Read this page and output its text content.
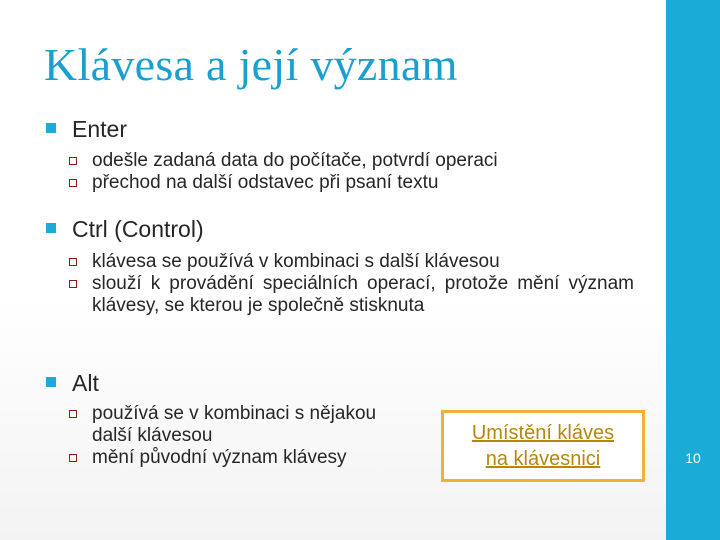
Klávesa a její význam
Enter
odešle zadaná data do počítače, potvrdí operaci
přechod na další odstavec při psaní textu
Ctrl (Control)
klávesa se používá v kombinaci s další klávesou
slouží k provádění speciálních operací, protože mění význam klávesy, se kterou je společně stisknuta
Alt
používá se v kombinaci s nějakou další klávesou
mění původní význam klávesy
Umístění kláves
na klávesnici	10
